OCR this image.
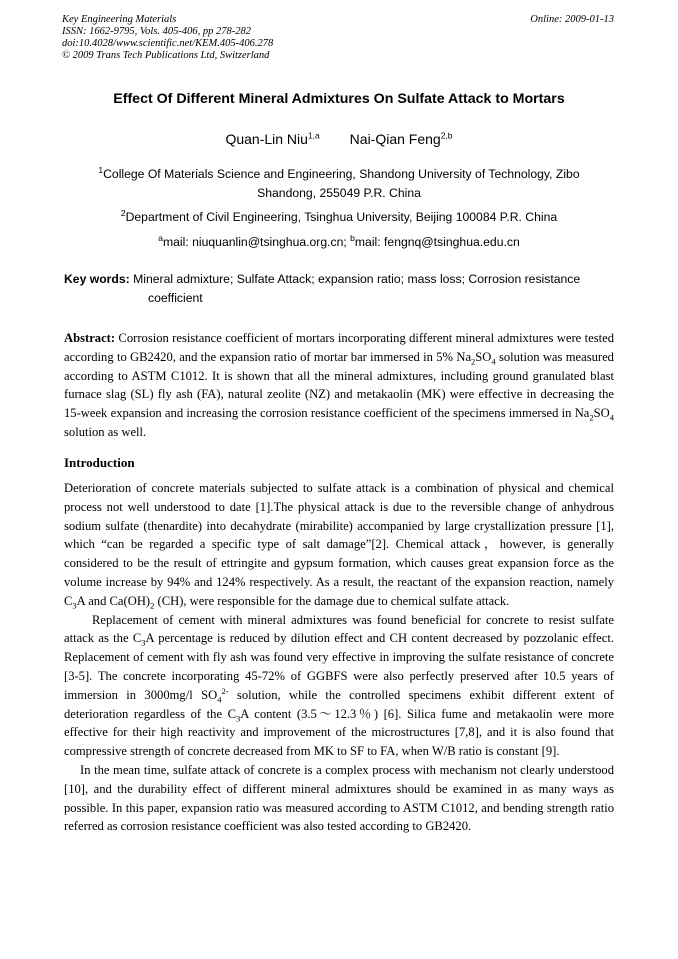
Key Engineering Materials
ISSN: 1662-9795, Vols. 405-406, pp 278-282
doi:10.4028/www.scientific.net/KEM.405-406.278
© 2009 Trans Tech Publications Ltd, Switzerland
Online: 2009-01-13
Effect Of Different Mineral Admixtures On Sulfate Attack to Mortars
Quan-Lin Niu$^{1,a}$ Nai-Qian Feng$^{2,b}$
$^1$College Of Materials Science and Engineering, Shandong University of Technology, Zibo Shandong, 255049 P.R. China
$^2$Department of Civil Engineering, Tsinghua University, Beijing 100084 P.R. China
$^a$mail: niuquanlin@tsinghua.org.cn; $^b$mail: fengnq@tsinghua.edu.cn
Key words: Mineral admixture; Sulfate Attack; expansion ratio; mass loss; Corrosion resistance
coefficient
Abstract: Corrosion resistance coefficient of mortars incorporating different mineral admixtures were tested according to GB2420, and the expansion ratio of mortar bar immersed in 5% $Na_2SO_4$ solution was measured according to ASTM C1012. It is shown that all the mineral admixtures, including ground granulated blast furnace slag (SL) fly ash (FA), natural zeolite (NZ) and metakaolin (MK) were effective in decreasing the 15-week expansion and increasing the corrosion resistance coefficient of the specimens immersed in $Na_2SO_4$ solution as well.
Introduction

Deterioration of concrete materials subjected to sulfate attack is a combination of physical and chemical process not well understood to date [1].The physical attack is due to the reversible change of anhydrous sodium sulfate (thenardite) into decahydrate (mirabilite) accompanied by large crystallization pressure [1], which “can be regarded a specific type of salt damage”[2]. Chemical attack，however, is generally considered to be the result of ettringite and gypsum formation, which causes great expansion force as the volume increase by 94% and 124% respectively. As a result, the reactant of the expansion reaction, namely $C_3A$ and $Ca(OH)_2$ (CH), were responsible for the damage due to chemical sulfate attack.

Replacement of cement with mineral admixtures was found beneficial for concrete to resist sulfate attack as the $C_3A$ percentage is reduced by dilution effect and CH content decreased by pozzolanic effect. Replacement of cement with fly ash was found very effective in improving the sulfate resistance of concrete [3-5]. The concrete incorporating 45-72% of GGBFS were also perfectly preserved after 10.5 years of immersion in 3000mg/l $SO_4^{2-}$ solution, while the controlled specimens exhibit different extent of deterioration regardless of the $C_3A$ content (3.5～12.3％) [6]. Silica fume and metakaolin were more effective for their high reactivity and improvement of the microstructures [7,8], and it is also found that compressive strength of concrete decreased from MK to SF to FA, when W/B ratio is constant [9].

In the mean time, sulfate attack of concrete is a complex process with mechanism not clearly understood [10], and the durability effect of different mineral admixtures should be examined in as many ways as possible. In this paper, expansion ratio was measured according to ASTM C1012, and bending strength ratio referred as corrosion resistance coefficient was also tested according to GB2420.
